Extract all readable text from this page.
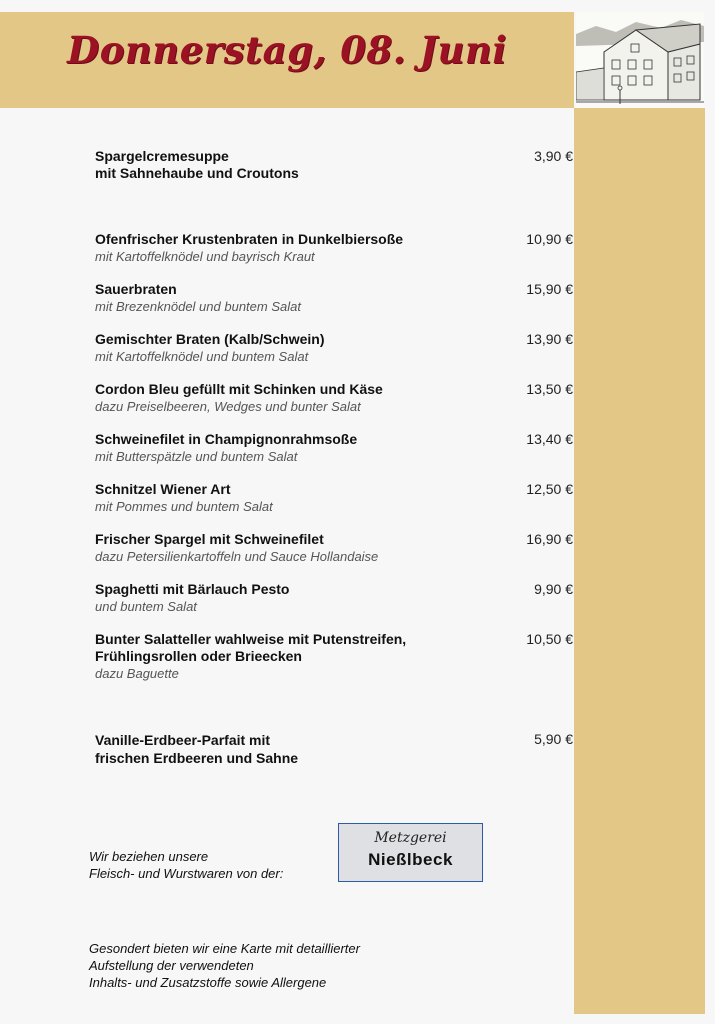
Donnerstag, 08. Juni
Spargelcremesuppe
mit Sahnehaube und Croutons
3,90 €
Ofenfrischer Krustenbraten in Dunkelbiersoße
mit Kartoffelknödel und bayrisch Kraut
10,90 €
Sauerbraten
mit Brezenknödel und buntem Salat
15,90 €
Gemischter Braten (Kalb/Schwein)
mit Kartoffelknödel und buntem Salat
13,90 €
Cordon Bleu gefüllt mit Schinken und Käse
dazu Preiselbeeren, Wedges und bunter Salat
13,50 €
Schweinefilet in Champignonrahmsoße
mit Butterspätzle und buntem Salat
13,40 €
Schnitzel Wiener Art
mit Pommes und buntem Salat
12,50 €
Frischer Spargel mit Schweinefilet
dazu Petersilienkartoffeln und Sauce Hollandaise
16,90 €
Spaghetti mit Bärlauch Pesto
und buntem Salat
9,90 €
Bunter Salatteller wahlweise mit Putenstreifen,
Frühlingsrollen oder Brieecken
dazu Baguette
10,50 €
Vanille-Erdbeer-Parfait mit
frischen Erdbeeren und Sahne
5,90 €
Wir beziehen unsere
Fleisch- und Wurstwaren von der:
Metzgerei
Nießlbeck
Gesondert bieten wir eine Karte mit detaillierter
Aufstellung der verwendeten
Inhalts- und Zusatzstoffe sowie Allergene
